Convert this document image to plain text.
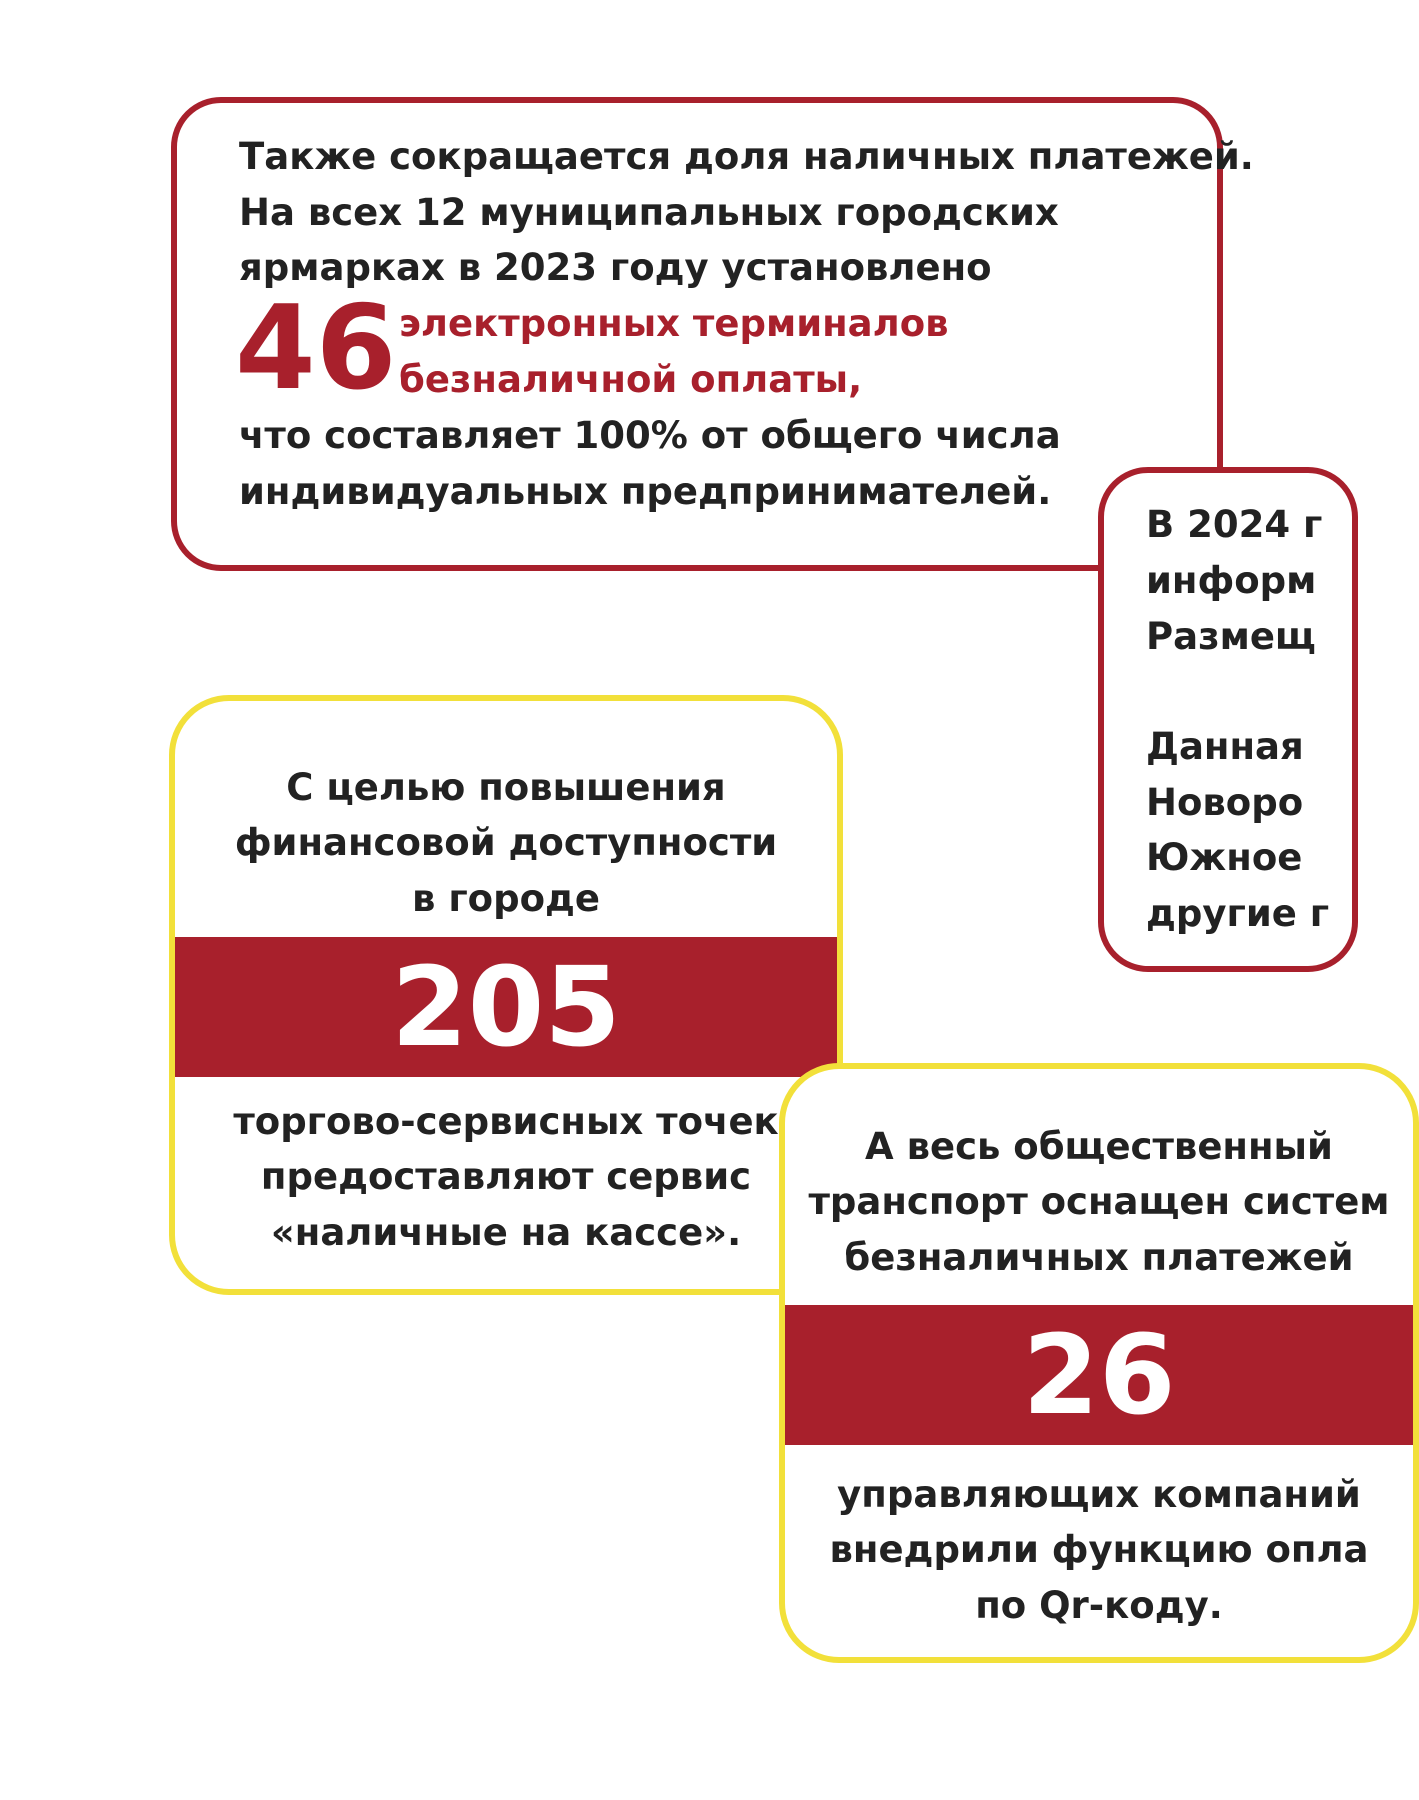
Также сокращается доля наличных платежей.
На всех 12 муниципальных городских
ярмарках в 2023 году установлено
46 электронных терминалов
безналичной оплаты,
что составляет 100% от общего числа
индивидуальных предпринимателей.
В 2024 г
информ
Размещ
Данная
Новоро
Южное
другие г
С целью повышения
финансовой доступности
в городе
205
торгово-сервисных точек
предоставляют сервис
«наличные на кассе».
А весь общественный
транспорт оснащен систем
безналичных платежей
26
управляющих компаний
внедрили функцию опла
по Qr-коду.
